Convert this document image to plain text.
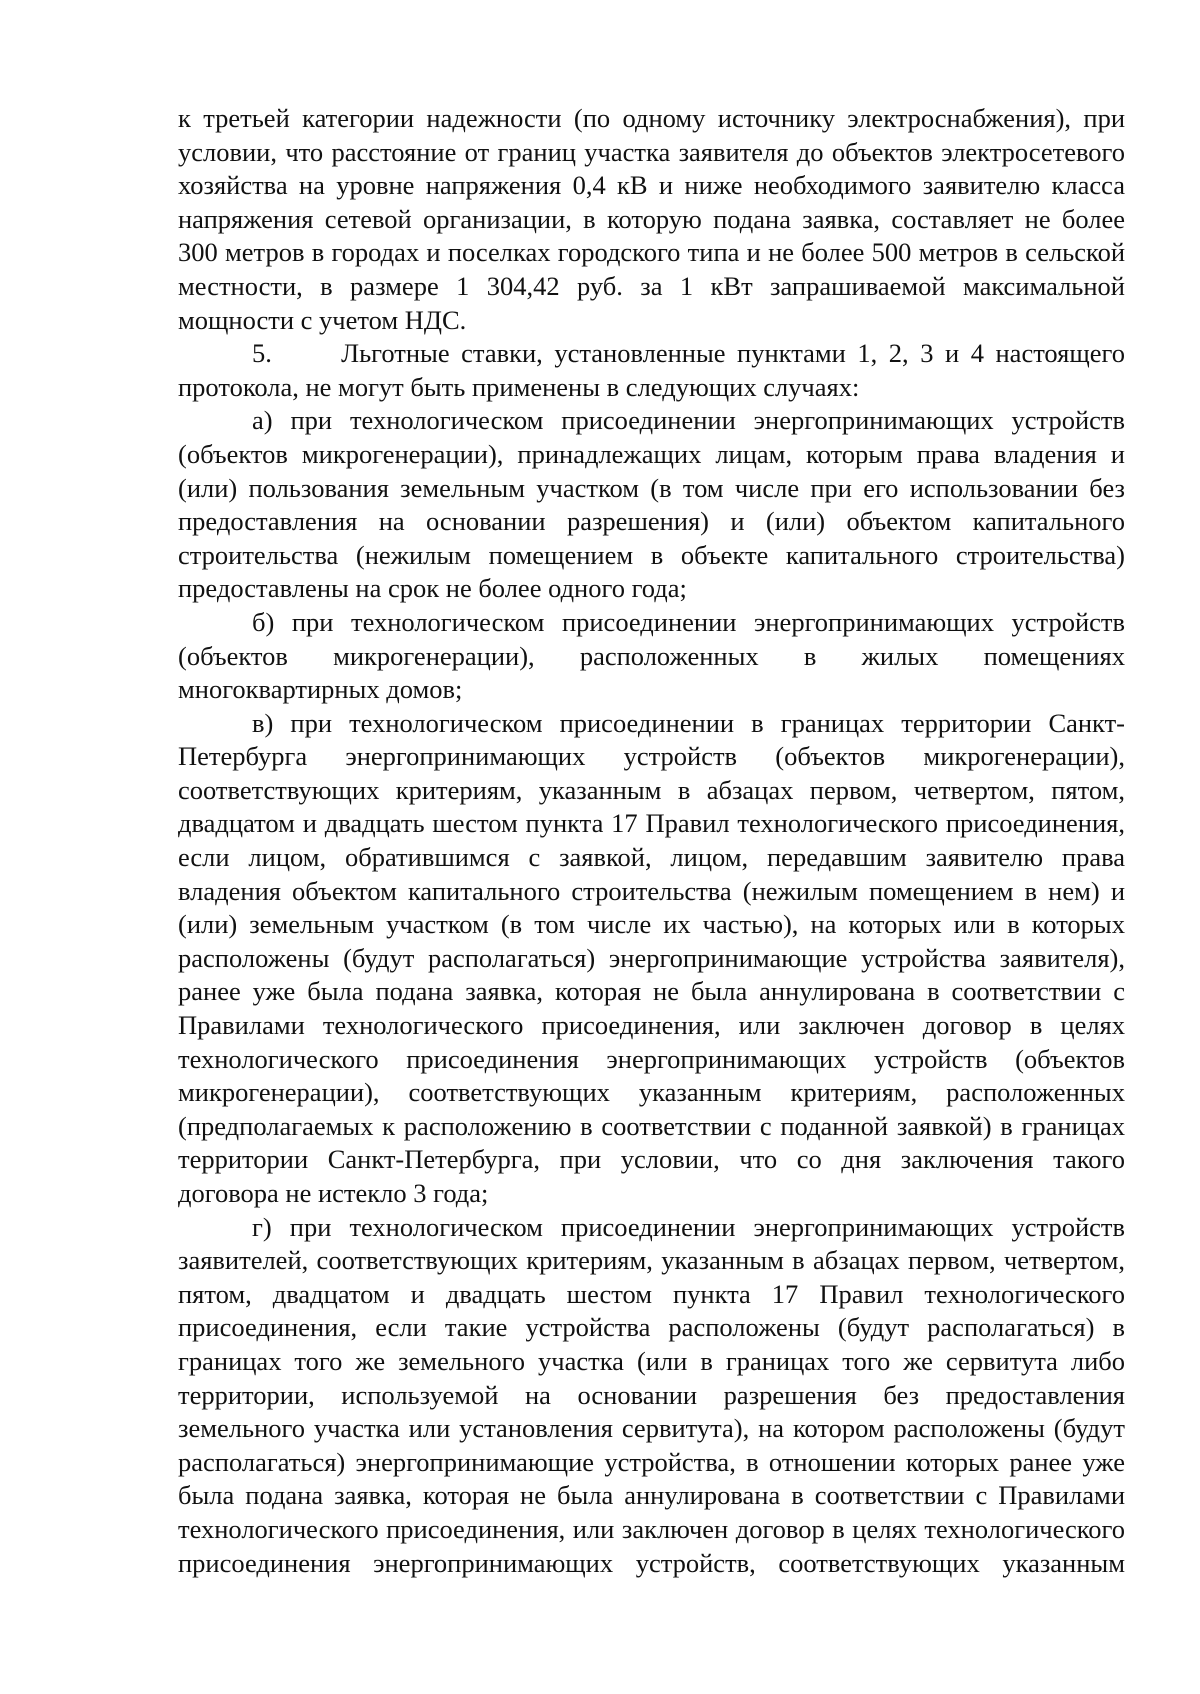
к третьей категории надежности (по одному источнику электроснабжения), при условии, что расстояние от границ участка заявителя до объектов электросетевого хозяйства на уровне напряжения 0,4 кВ и ниже необходимого заявителю класса напряжения сетевой организации, в которую подана заявка, составляет не более 300 метров в городах и поселках городского типа и не более 500 метров в сельской местности, в размере 1 304,42 руб. за 1 кВт запрашиваемой максимальной мощности с учетом НДС.

5.      Льготные ставки, установленные пунктами 1, 2, 3 и 4 настоящего протокола, не могут быть применены в следующих случаях:

а) при технологическом присоединении энергопринимающих устройств (объектов микрогенерации), принадлежащих лицам, которым права владения и (или) пользования земельным участком (в том числе при его использовании без предоставления на основании разрешения) и (или) объектом капитального строительства (нежилым помещением в объекте капитального строительства) предоставлены на срок не более одного года;

б) при технологическом присоединении энергопринимающих устройств (объектов микрогенерации), расположенных в жилых помещениях многоквартирных домов;

в) при технологическом присоединении в границах территории Санкт-Петербурга энергопринимающих устройств (объектов микрогенерации), соответствующих критериям, указанным в абзацах первом, четвертом, пятом, двадцатом и двадцать шестом пункта 17 Правил технологического присоединения, если лицом, обратившимся с заявкой, лицом, передавшим заявителю права владения объектом капитального строительства (нежилым помещением в нем) и (или) земельным участком (в том числе их частью), на которых или в которых расположены (будут располагаться) энергопринимающие устройства заявителя), ранее уже была подана заявка, которая не была аннулирована в соответствии с Правилами технологического присоединения, или заключен договор в целях технологического присоединения энергопринимающих устройств (объектов микрогенерации), соответствующих указанным критериям, расположенных (предполагаемых к расположению в соответствии с поданной заявкой) в границах территории Санкт-Петербурга, при условии, что со дня заключения такого договора не истекло 3 года;

г) при технологическом присоединении энергопринимающих устройств заявителей, соответствующих критериям, указанным в абзацах первом, четвертом, пятом, двадцатом и двадцать шестом пункта 17 Правил технологического присоединения, если такие устройства расположены (будут располагаться) в границах того же земельного участка (или в границах того же сервитута либо территории, используемой на основании разрешения без предоставления земельного участка или установления сервитута), на котором расположены (будут располагаться) энергопринимающие устройства, в отношении которых ранее уже была подана заявка, которая не была аннулирована в соответствии с Правилами технологического присоединения, или заключен договор в целях технологического присоединения энергопринимающих устройств, соответствующих указанным
